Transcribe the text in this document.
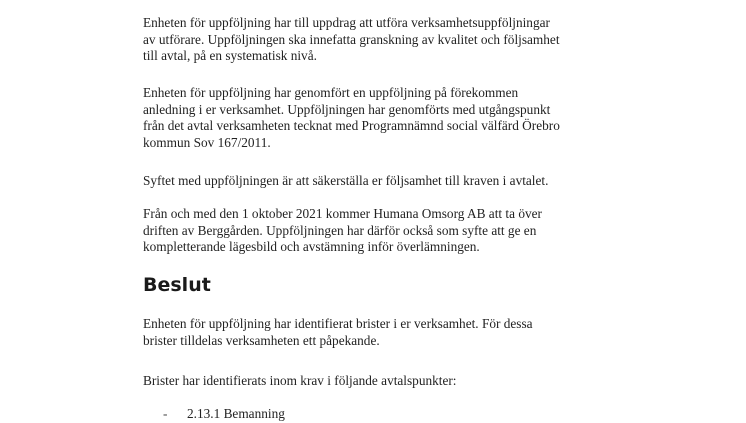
Enheten för uppföljning har till uppdrag att utföra verksamhetsuppföljningar
av utförare. Uppföljningen ska innefatta granskning av kvalitet och följsamhet
till avtal, på en systematisk nivå.

Enheten för uppföljning har genomfört en uppföljning på förekommen
anledning i er verksamhet. Uppföljningen har genomförts med utgångspunkt
från det avtal verksamheten tecknat med Programnämnd social välfärd Örebro
kommun Sov 167/2011.

Syftet med uppföljningen är att säkerställa er följsamhet till kraven i avtalet.

Från och med den 1 oktober 2021 kommer Humana Omsorg AB att ta över
driften av Berggården. Uppföljningen har därför också som syfte att ge en
kompletterande lägesbild och avstämning inför överlämningen.

Beslut

Enheten för uppföljning har identifierat brister i er verksamhet. För dessa
brister tilldelas verksamheten ett påpekande.

Brister har identifierats inom krav i följande avtalspunkter:

- 2.13.1 Bemanning
